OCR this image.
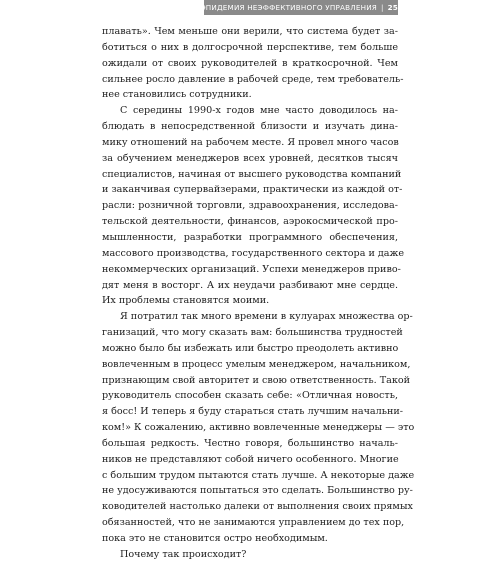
ЭПИДЕМИЯ НЕЭФФЕКТИВНОГО УПРАВЛЕНИЯ | 25
плавать». Чем меньше они верили, что система будет за-
ботиться о них в долгосрочной перспективе, тем больше
ожидали от своих руководителей в краткосрочной. Чем
сильнее росло давление в рабочей среде, тем требователь-
нее становились сотрудники.
С середины 1990-х годов мне часто доводилось на-
блюдать в непосредственной близости и изучать дина-
мику отношений на рабочем месте. Я провел много часов
за обучением менеджеров всех уровней, десятков тысяч
специалистов, начиная от высшего руководства компаний
и заканчивая супервайзерами, практически из каждой от-
расли: розничной торговли, здравоохранения, исследова-
тельской деятельности, финансов, аэрокосмической про-
мышленности, разработки программного обеспечения,
массового производства, государственного сектора и даже
некоммерческих организаций. Успехи менеджеров приво-
дят меня в восторг. А их неудачи разбивают мне сердце.
Их проблемы становятся моими.
Я потратил так много времени в кулуарах множества ор-
ганизаций, что могу сказать вам: большинства трудностей
можно было бы избежать или быстро преодолеть активно
вовлеченным в процесс умелым менеджером, начальником,
признающим свой авторитет и свою ответственность. Такой
руководитель способен сказать себе: «Отличная новость,
я босс! И теперь я буду стараться стать лучшим начальни-
ком!» К сожалению, активно вовлеченные менеджеры — это
большая редкость. Честно говоря, большинство началь-
ников не представляют собой ничего особенного. Многие
с большим трудом пытаются стать лучше. А некоторые даже
не удосуживаются попытаться это сделать. Большинство ру-
ководителей настолько далеки от выполнения своих прямых
обязанностей, что не занимаются управлением до тех пор,
пока это не становится остро необходимым.
Почему так происходит?
